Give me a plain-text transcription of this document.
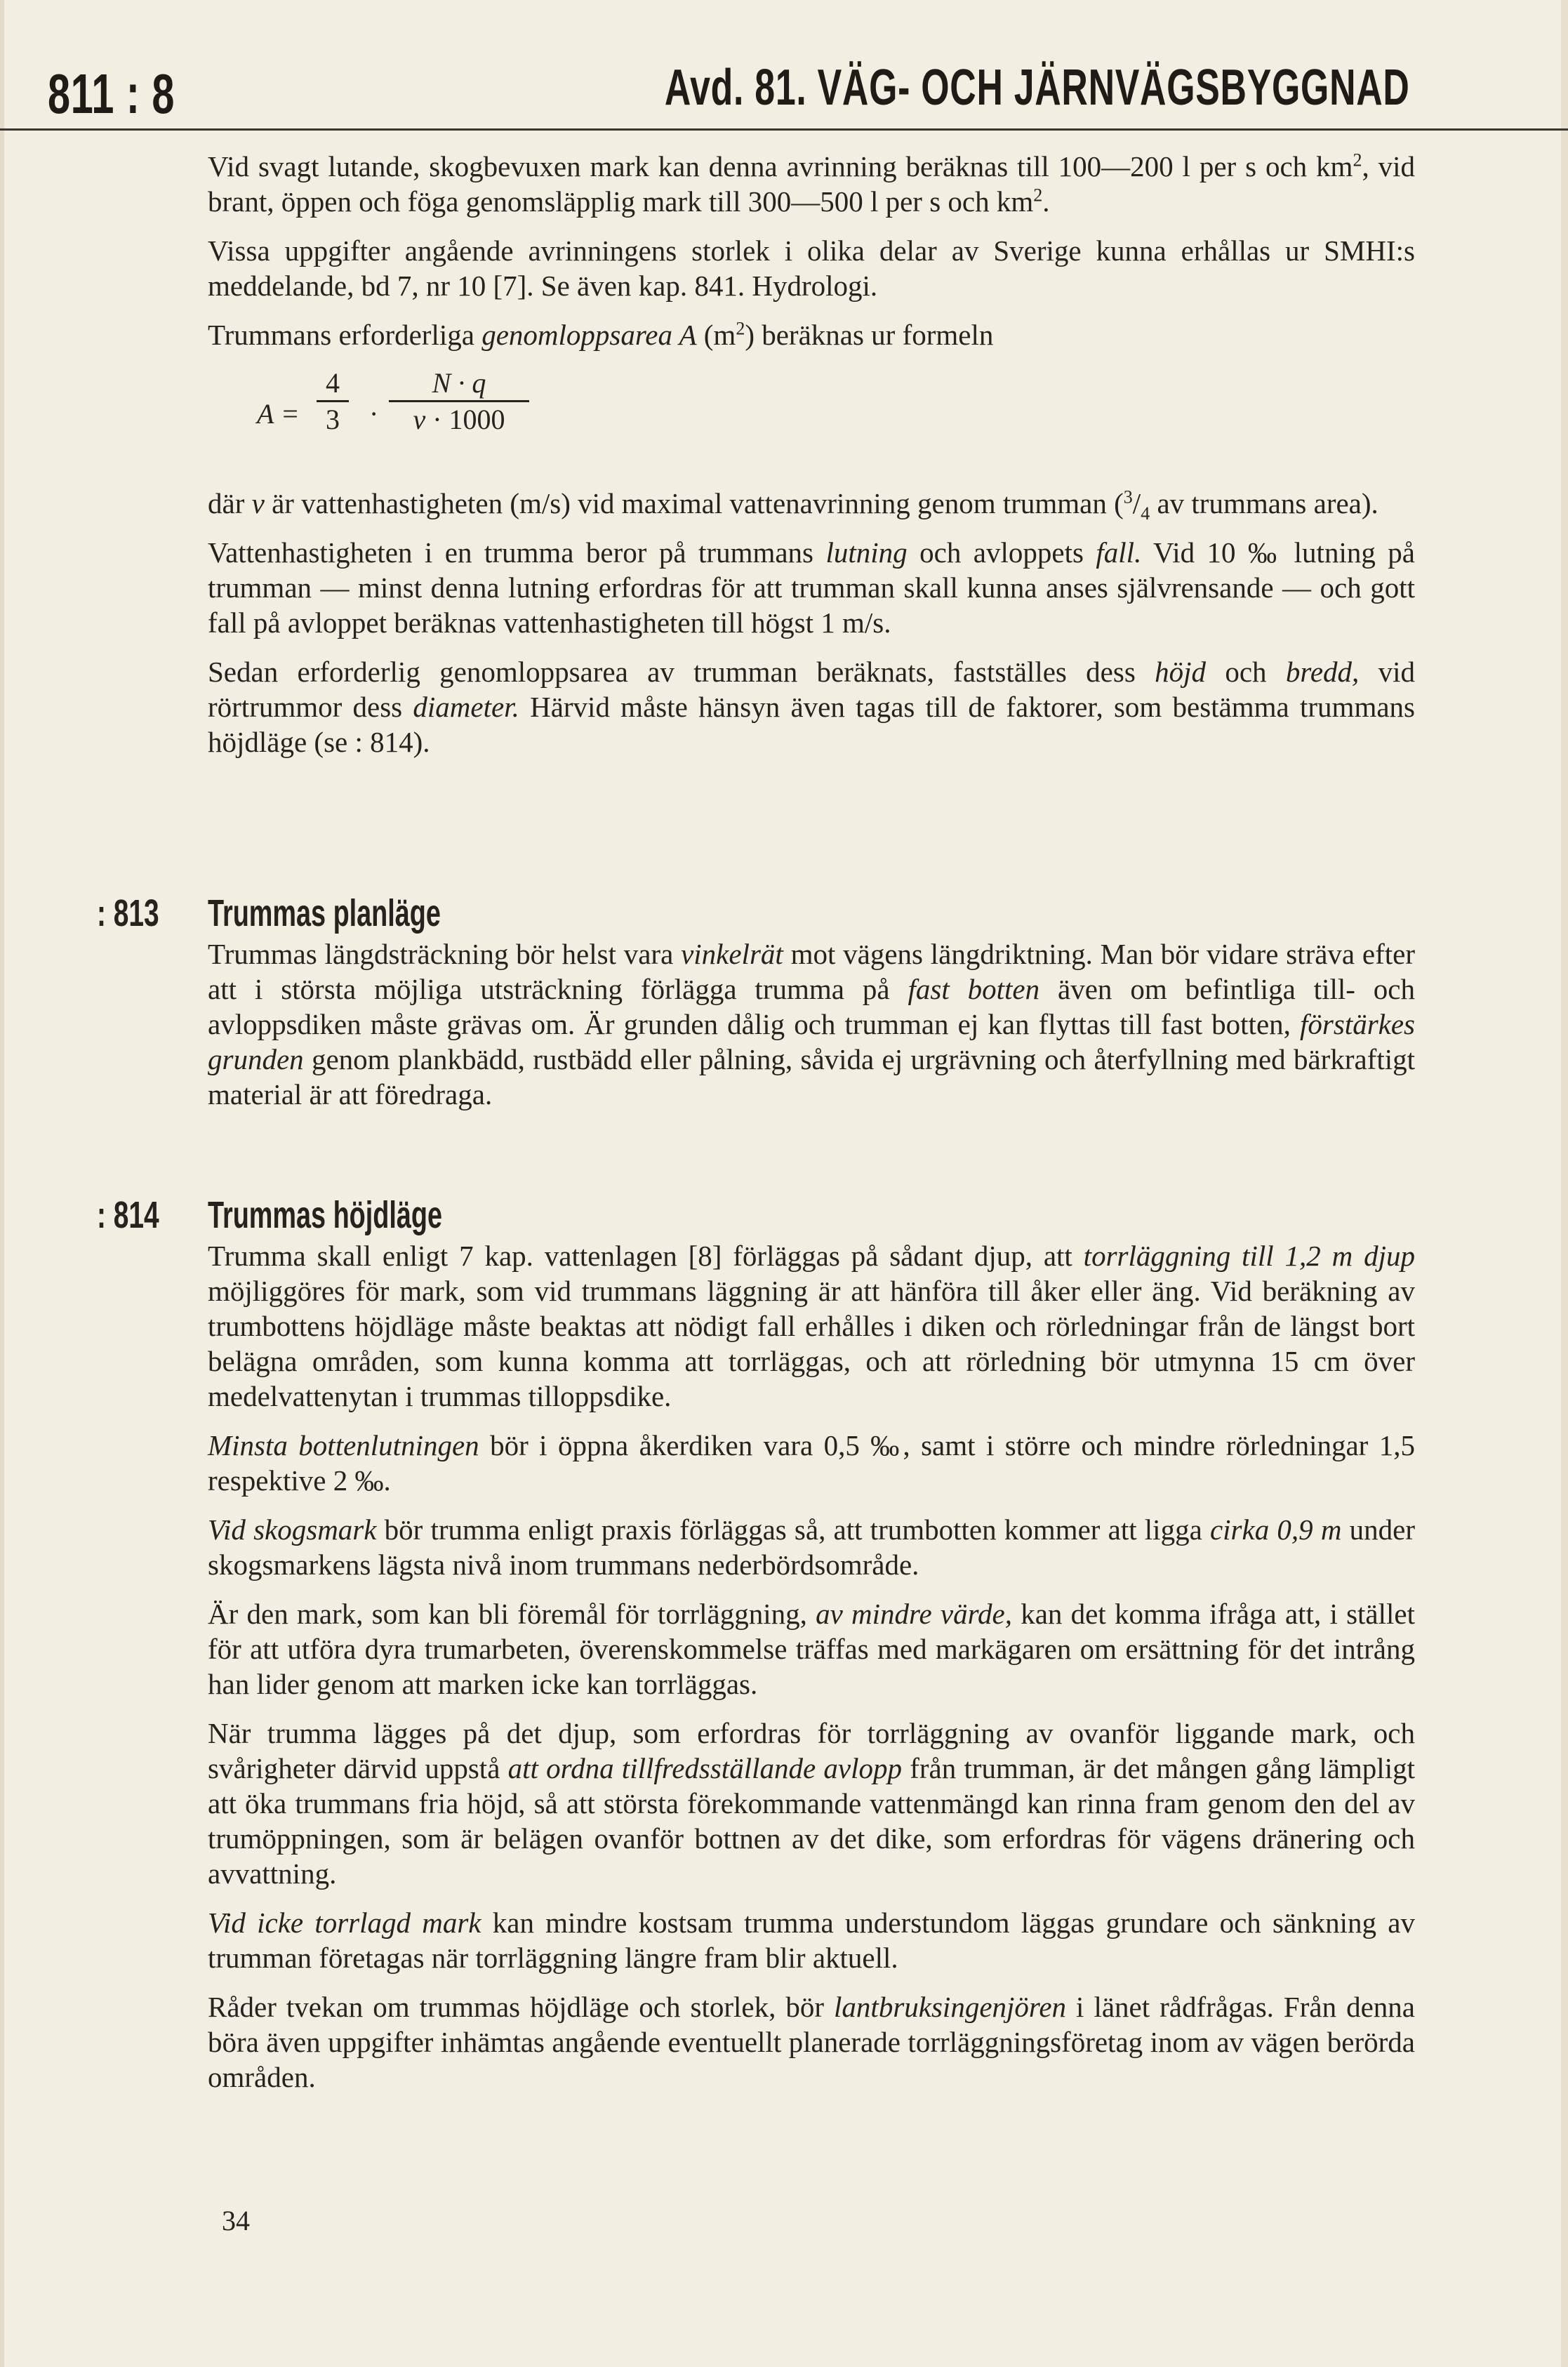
811 : 8	Avd. 81. VÄG- OCH JÄRNVÄGSBYGGNAD

Vid svagt lutande, skogbevuxen mark kan denna avrinning beräknas till 100—200 l per s och $km^2$, vid brant, öppen och föga genomsläpplig mark till 300—500 l per s och $km^2$.

Vissa uppgifter angående avrinningens storlek i olika delar av Sverige kunna erhållas ur SMHI:s meddelande, bd 7, nr 10 [7]. Se även kap. 841. Hydrologi.

Trummans erforderliga genomloppsarea A $(m^2)$ beräknas ur formeln

$A = \frac{4}{3} \cdot \frac{N \cdot q}{v \cdot 1000}$

där v är vattenhastigheten (m/s) vid maximal vattenavrinning genom trumman ($^3/_4$ av trummans area).

Vattenhastigheten i en trumma beror på trummans lutning och avloppets fall. Vid 10 ‰ lutning på trumman — minst denna lutning erfordras för att trumman skall kunna anses självrensande — och gott fall på avloppet beräknas vattenhastigheten till högst 1 m/s.

Sedan erforderlig genomloppsarea av trumman beräknats, fastställes dess höjd och bredd, vid rörtrummor dess diameter. Härvid måste hänsyn även tagas till de faktorer, som bestämma trummans höjdläge (se : 814).

: 813 Trummas planläge

Trummas längdsträckning bör helst vara vinkelrät mot vägens längdriktning. Man bör vidare sträva efter att i största möjliga utsträckning förlägga trumma på fast botten även om befintliga till- och avloppsdiken måste grävas om. Är grunden dålig och trumman ej kan flyttas till fast botten, förstärkes grunden genom plankbädd, rustbädd eller pålning, såvida ej urgrävning och återfyllning med bärkraftigt material är att föredraga.

: 814 Trummas höjdläge

Trumma skall enligt 7 kap. vattenlagen [8] förläggas på sådant djup, att torrläggning till 1,2 m djup möjliggöres för mark, som vid trummans läggning är att hänföra till åker eller äng. Vid beräkning av trumbottens höjdläge måste beaktas att nödigt fall erhålles i diken och rörledningar från de längst bort belägna områden, som kunna komma att torrläggas, och att rörledning bör utmynna 15 cm över medelvattenytan i trummas tilloppsdike.

Minsta bottenlutningen bör i öppna åkerdiken vara 0,5 ‰, samt i större och mindre rörledningar 1,5 respektive 2 ‰.

Vid skogsmark bör trumma enligt praxis förläggas så, att trumbotten kommer att ligga cirka 0,9 m under skogsmarkens lägsta nivå inom trummans nederbördsområde.

Är den mark, som kan bli föremål för torrläggning, av mindre värde, kan det komma ifråga att, i stället för att utföra dyra trumarbeten, överenskommelse träffas med markägaren om ersättning för det intrång han lider genom att marken icke kan torrläggas.

När trumma lägges på det djup, som erfordras för torrläggning av ovanför liggande mark, och svårigheter därvid uppstå att ordna tillfredsställande avlopp från trumman, är det mången gång lämpligt att öka trummans fria höjd, så att största förekommande vattenmängd kan rinna fram genom den del av trumöppningen, som är belägen ovanför bottnen av det dike, som erfordras för vägens dränering och avvattning.

Vid icke torrlagd mark kan mindre kostsam trumma understundom läggas grundare och sänkning av trumman företagas när torrläggning längre fram blir aktuell.

Råder tvekan om trummas höjdläge och storlek, bör lantbruksingenjören i länet rådfrågas. Från denna böra även uppgifter inhämtas angående eventuellt planerade torrläggningsföretag inom av vägen berörda områden.

34
